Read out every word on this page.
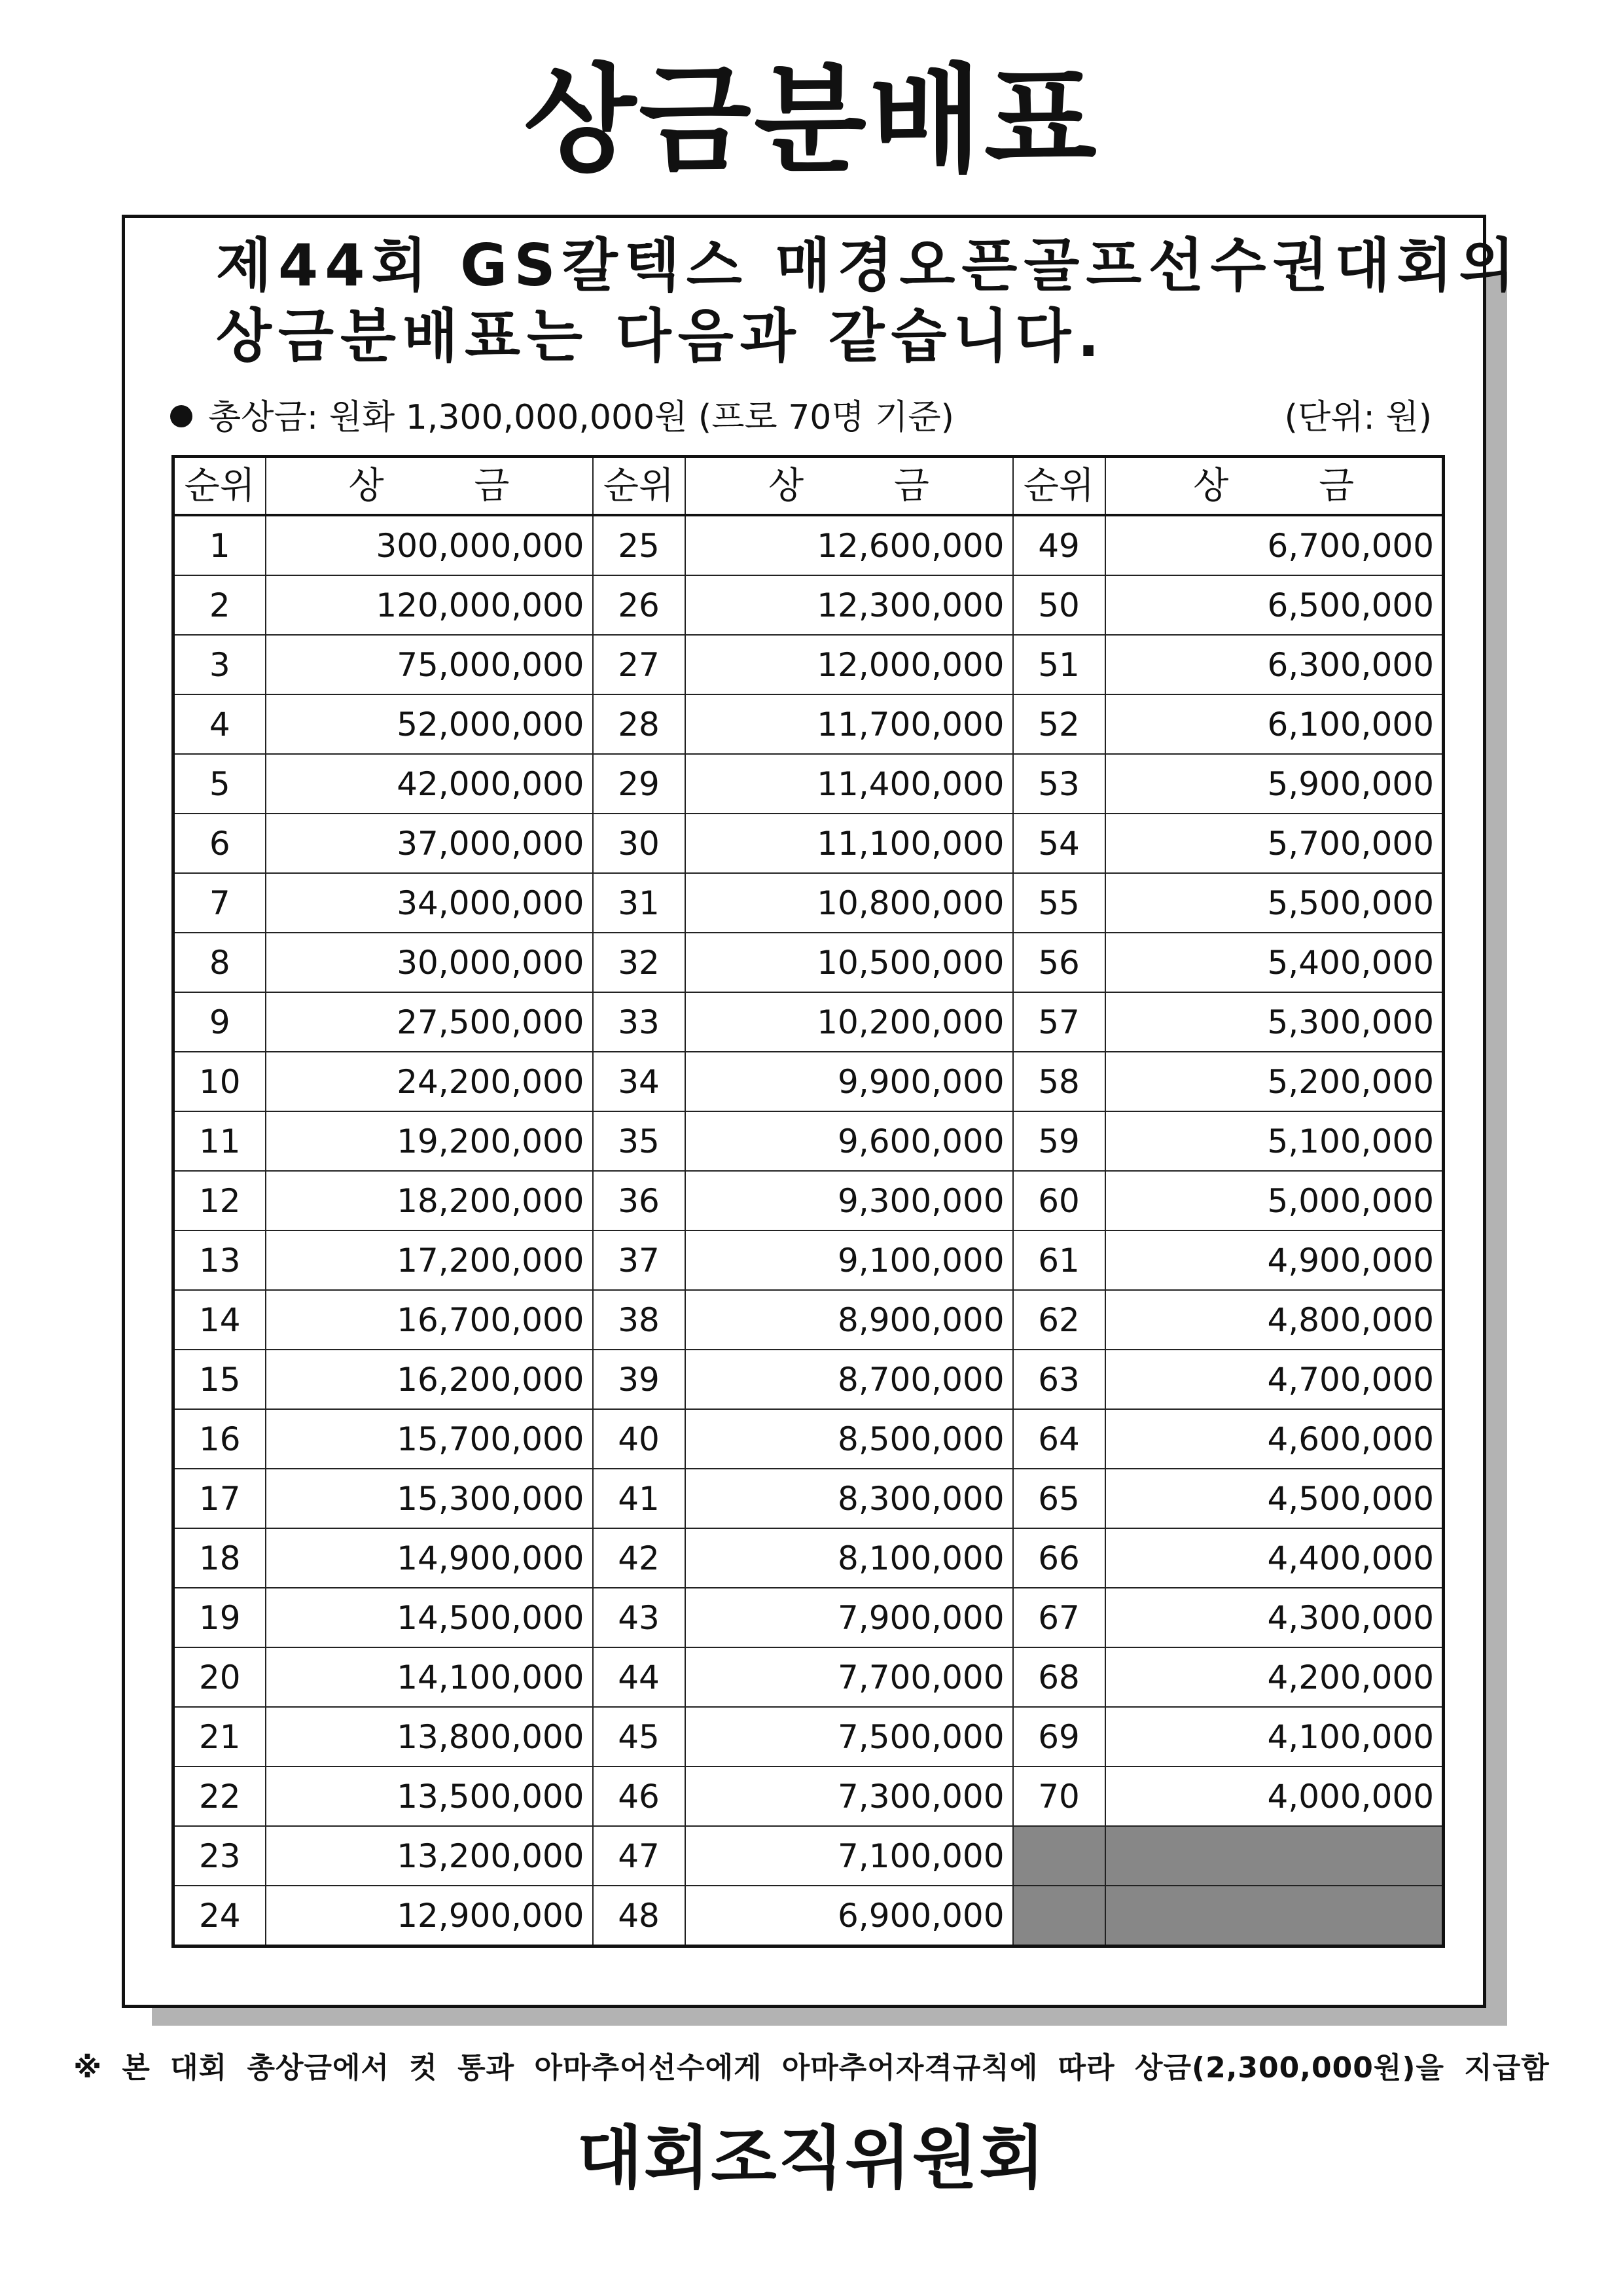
상금분배표
제44회 GS칼텍스 매경오픈골프선수권대회의
상금분배표는 다음과 같습니다.
총상금: 원화 1,300,000,000원 (프로 70명 기준)	(단위: 원)
순위	상 금	순위	상 금	순위	상 금
1	300,000,000	25	12,600,000	49	6,700,000
2	120,000,000	26	12,300,000	50	6,500,000
3	75,000,000	27	12,000,000	51	6,300,000
4	52,000,000	28	11,700,000	52	6,100,000
5	42,000,000	29	11,400,000	53	5,900,000
6	37,000,000	30	11,100,000	54	5,700,000
7	34,000,000	31	10,800,000	55	5,500,000
8	30,000,000	32	10,500,000	56	5,400,000
9	27,500,000	33	10,200,000	57	5,300,000
10	24,200,000	34	9,900,000	58	5,200,000
11	19,200,000	35	9,600,000	59	5,100,000
12	18,200,000	36	9,300,000	60	5,000,000
13	17,200,000	37	9,100,000	61	4,900,000
14	16,700,000	38	8,900,000	62	4,800,000
15	16,200,000	39	8,700,000	63	4,700,000
16	15,700,000	40	8,500,000	64	4,600,000
17	15,300,000	41	8,300,000	65	4,500,000
18	14,900,000	42	8,100,000	66	4,400,000
19	14,500,000	43	7,900,000	67	4,300,000
20	14,100,000	44	7,700,000	68	4,200,000
21	13,800,000	45	7,500,000	69	4,100,000
22	13,500,000	46	7,300,000	70	4,000,000
23	13,200,000	47	7,100,000		
24	12,900,000	48	6,900,000		
※ 본 대회 총상금에서 컷 통과 아마추어선수에게 아마추어자격규칙에 따라 상금(2,300,000원)을 지급함
대회조직위원회
